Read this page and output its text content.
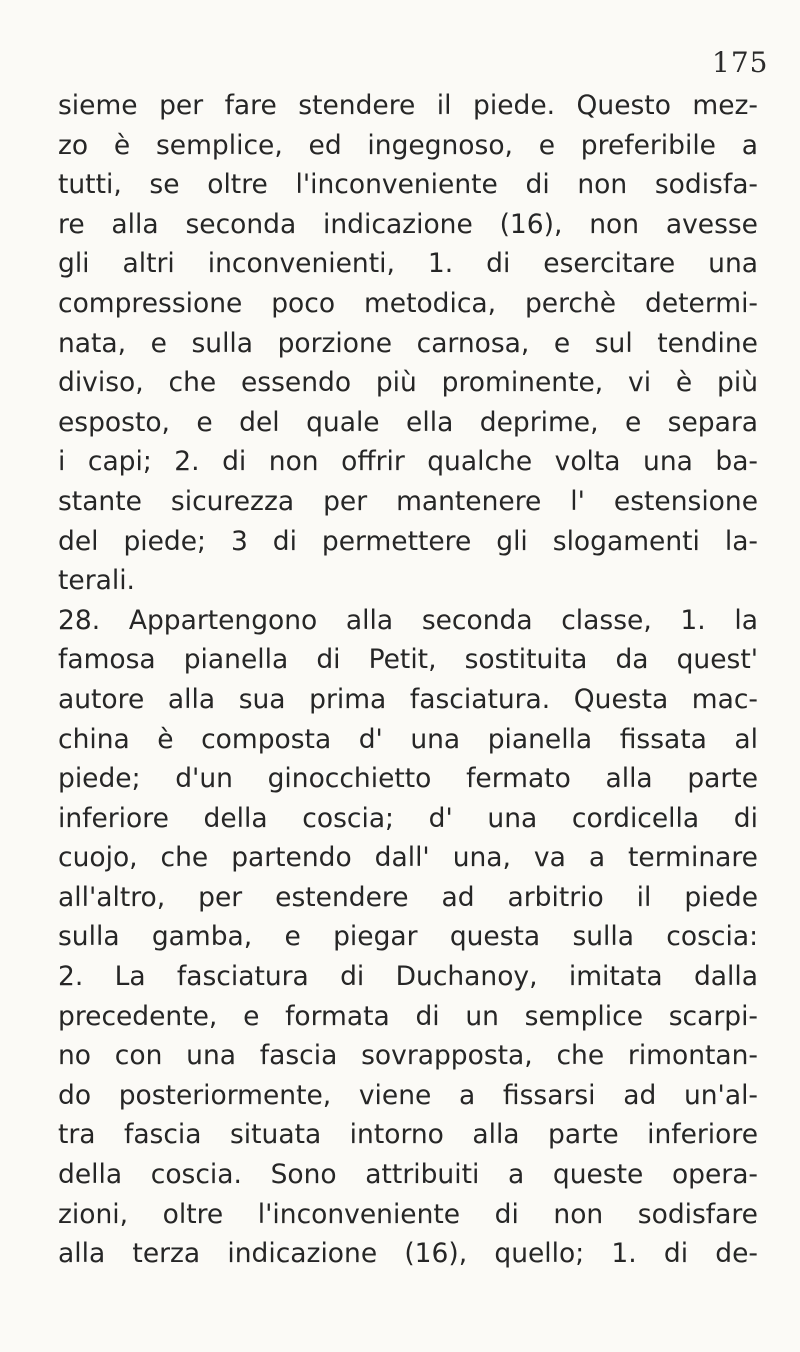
175
sieme per fare stendere il piede. Questo mez-
zo è semplice, ed ingegnoso, e preferibile a
tutti, se oltre l'inconveniente di non sodisfa-
re alla seconda indicazione (16), non avesse
gli altri inconvenienti, 1. di esercitare una
compressione poco metodica, perchè determi-
nata, e sulla porzione carnosa, e sul tendine
diviso, che essendo più prominente, vi è più
esposto, e del quale ella deprime, e separa
i capi; 2. di non offrir qualche volta una ba-
stante sicurezza per mantenere l' estensione
del piede; 3 di permettere gli slogamenti la-
terali.
28. Appartengono alla seconda classe, 1. la
famosa pianella di Petit, sostituita da quest'
autore alla sua prima fasciatura. Questa mac-
china è composta d' una pianella fissata al
piede; d'un ginocchietto fermato alla parte
inferiore della coscia; d' una cordicella di
cuojo, che partendo dall' una, va a terminare
all'altro, per estendere ad arbitrio il piede
sulla gamba, e piegar questa sulla coscia:
2. La fasciatura di Duchanoy, imitata dalla
precedente, e formata di un semplice scarpi-
no con una fascia sovrapposta, che rimontan-
do posteriormente, viene a fissarsi ad un'al-
tra fascia situata intorno alla parte inferiore
della coscia. Sono attribuiti a queste opera-
zioni, oltre l'inconveniente di non sodisfare
alla terza indicazione (16), quello; 1. di de-
